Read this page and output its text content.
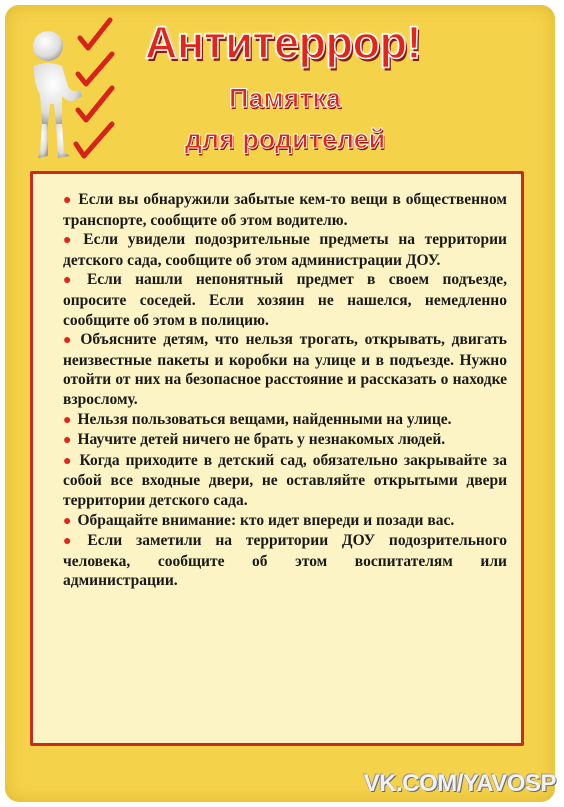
Антитеррор!
Памятка
для родителей
● Если вы обнаружили забытые кем-то вещи в общественном транспорте, сообщите об этом водителю.
● Если увидели подозрительные предметы на территории детского сада, сообщите об этом администрации ДОУ.
● Если нашли непонятный предмет в своем подъезде, опросите соседей. Если хозяин не нашелся, немедленно сообщите об этом в полицию.
● Объясните детям, что нельзя трогать, открывать, двигать неизвестные пакеты и коробки на улице и в подъезде. Нужно отойти от них на безопасное расстояние и рассказать о находке взрослому.
● Нельзя пользоваться вещами, найденными на улице.
● Научите детей ничего не брать у незнакомых людей.
● Когда приходите в детский сад, обязательно закрывайте за собой все входные двери, не оставляйте открытыми двери территории детского сада.
● Обращайте внимание: кто идет впереди и позади вас.
● Если заметили на территории ДОУ подозрительного человека, сообщите об этом воспитателям или администрации.
VK.COM/YAVOSP
